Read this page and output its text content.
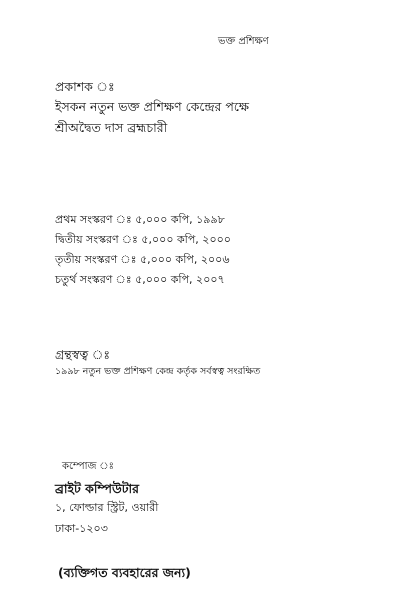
ভক্ত প্রশিক্ষণ
প্রকাশক ঃ
ইসকন নতুন ভক্ত প্রশিক্ষণ কেন্দ্রের পক্ষে
শ্রীঅদ্বৈত দাস ব্রহ্মচারী
প্রথম সংস্করণ ঃ ৫,০০০ কপি, ১৯৯৮
দ্বিতীয় সংস্করণ ঃ ৫,০০০ কপি, ২০০০
তৃতীয় সংস্করণ ঃ ৫,০০০ কপি, ২০০৬
চতুর্থ সংস্করণ ঃ ৫,০০০ কপি, ২০০৭
গ্রন্থস্বত্ব ঃ
১৯৯৮ নতুন ভক্ত প্রশিক্ষণ কেন্দ্র কর্তৃক সর্বস্বত্ব সংরক্ষিত
কম্পোজ ঃ
ব্রাইট কম্পিউটার
১, ফোল্ডার স্ট্রিট, ওয়ারী
ঢাকা-১২০৩
(ব্যক্তিগত ব্যবহারের জন্য)
